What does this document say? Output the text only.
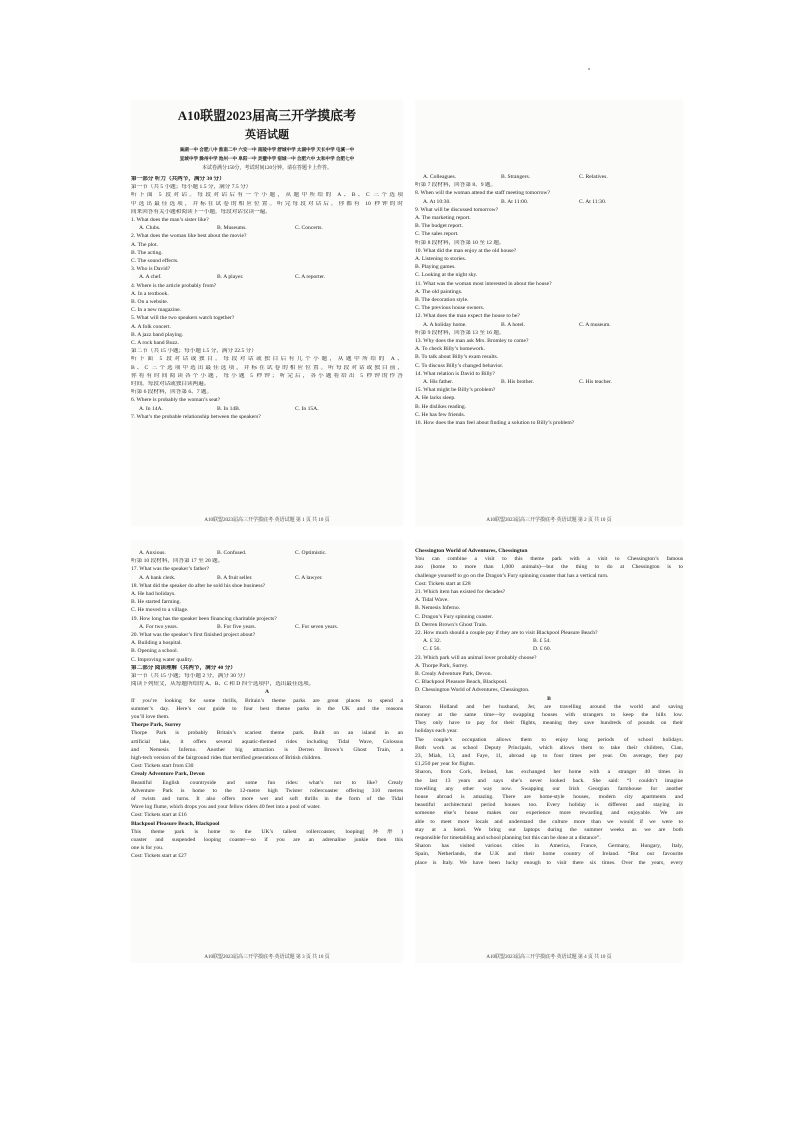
A10联盟2023届高三开学摸底考
英语试题
巢湖一中 合肥八中 淮南二中 六安一中 南陵中学 舒城中学 太湖中学 天长中学 屯溪一中
宣城中学 滁州中学 池州一中 阜阳一中 灵璧中学 宿城一中 合肥六中 太和中学 合肥七中
本试卷满分150分，考试时间120分钟。请在答题卡上作答。
第一部分 听力（共两节，满分 30 分）
第一节（共 5 小题；每小题 1.5 分，满分 7.5 分）
听下面 5 段对话。每段对话后有一个小题，从题中所给的 A、B、C 三个选项
中选出最佳选项，并标在试卷的相应位置。听完每段对话后，你都有 10 秒钟的时
间来回答有关小题和阅读下一小题。每段对话仅读一遍。
1. What does the man’s sister like?
A. Clubs.	B. Museums.	C. Concerts.
2. What does the woman like best about the movie?
A. The plot.
B. The acting.
C. The sound effects.
3. Who is David?
A. A chef.	B. A player.	C. A reporter.
4. Where is the article probably from?
A. In a textbook.
B. On a website.
C. In a new magazine.
5. What will the two speakers watch together?
A. A folk concert.
B. A jazz band playing.
C. A rock band Buzz.
第二节（共 15 小题；每小题 1.5 分，满分 22.5 分）
听下面 5 段对话或独白。每段对话或独白后有几个小题，从题中所给的 A、
B、C 三个选项中选出最佳选项，并标在试卷的相应位置。听每段对话或独白前，
你将有时间阅读各个小题，每小题 5 秒钟；听完后，各小题将给出 5 秒钟的作答
时间。每段对话或独白读两遍。
听第 6 段材料，回答第 6、7 题。
6. Where is probably the woman’s seat?
A. In 14A.	B. In 14B.	C. In 15A.
7. What’s the probable relationship between the speakers?
A10联盟2023届高三开学摸底考·英语试题 第 1 页 共 10 页
A. Colleagues.	B. Strangers.	C. Relatives.
听第 7 段材料，回答第 8、9 题。
8. When will the woman attend the staff meeting tomorrow?
A. At 10:30.	B. At 11:00.	C. At 11:30.
9. What will be discussed tomorrow?
A. The marketing report.
B. The budget report.
C. The sales report.
听第 8 段材料，回答第 10 至 12 题。
10. What did the man enjoy at the old house?
A. Listening to stories.
B. Playing games.
C. Looking at the night sky.
11. What was the woman most interested in about the house?
A. The old paintings.
B. The decoration style.
C. The previous house owners.
12. What does the man expect the house to be?
A. A holiday home.	B. A hotel.	C. A museum.
听第 9 段材料，回答第 13 至 16 题。
13. Why does the man ask Mrs. Bromley to come?
A. To check Billy’s homework.
B. To talk about Billy’s exam results.
C. To discuss Billy’s changed behavior.
14. What relation is David to Billy?
A. His father.	B. His brother.	C. His teacher.
15. What might be Billy’s problem?
A. He lacks sleep.
B. He dislikes reading.
C. He has few friends.
16. How does the man feel about finding a solution to Billy’s problem?
A10联盟2023届高三开学摸底考·英语试题 第 2 页 共 10 页
A. Anxious.	B. Confused.	C. Optimistic.
听第 10 段材料，回答第 17 至 20 题。
17. What was the speaker’s father?
A. A bank clerk.	B. A fruit seller.	C. A lawyer.
18. What did the speaker do after he sold his shoe business?
A. He had holidays.
B. He started farming.
C. He moved to a village.
19. How long has the speaker been financing charitable projects?
A. For two years.	B. For five years.	C. For seven years.
20. What was the speaker’s first finished project about?
A. Building a hospital.
B. Opening a school.
C. Improving water quality.
第二部分 阅读理解（共两节，满分 40 分）
第一节（共 15 小题；每小题 2 分，满分 30 分）
阅读下列短文，从每题所给的 A、B、C 和 D 四个选项中，选出最佳选项。
A
If you’re looking for some thrills, Britain’s theme parks are great places to spend a
summer’s day. Here’s our guide to four best theme parks in the UK and the reasons
you’ll love them.
Thorpe Park, Surrey
Thorpe Park is probably Britain’s scariest theme park. Built on an island in an
artificial lake, it offers several aquatic-themed rides including Tidal Wave, Colossus
and Nemesis Inferno. Another big attraction is Derren Brown’s Ghost Train, a
high-tech version of the fairground rides that terrified generations of British children.
Cost: Tickets start from £30
Crealy Adventure Park, Devon
Beautiful English countryside and some fun rides: what’s not to like? Crealy
Adventure Park is home to the 12-metre high Twister rollercoaster offering 310 metres
of twists and turns. It also offers more wet and soft thrills in the form of the Tidal
Wave log flume, which drops you and your fellow riders 40 feet into a pool of water.
Cost: Tickets start at £16
Blackpool Pleasure Beach, Blackpool
This theme park is home to the UK’s tallest rollercoaster, looping(环形)
coaster and suspended looping coaster—so if you are an adrenaline junkie then this
one is for you.
Cost: Tickets start at £27
A10联盟2023届高三开学摸底考·英语试题 第 3 页 共 10 页
Chessington World of Adventures, Chessington
You can combine a visit to this theme park with a visit to Chessington’s famous
zoo (home to more than 1,000 animals)—but the thing to do at Chessington is to
challenge yourself to go on the Dragon’s Fury spinning coaster that has a vertical turn.
Cost: Tickets start at £28
21. Which item has existed for decades?
A. Tidal Wave.
B. Nemesis Inferno.
C. Dragon’s Fury spinning coaster.
D. Derren Brown’s Ghost Train.
22. How much should a couple pay if they are to visit Blackpool Pleasure Beach?
A. £ 32.	B. £ 54.
C. £ 56.	D. £ 60.
23. Which park will an animal lover probably choose?
A. Thorpe Park, Surrey.
B. Crealy Adventure Park, Devon.
C. Blackpool Pleasure Beach, Blackpool.
D. Chessington World of Adventures, Chessington.
B
Sharon Holland and her husband, Jer, are travelling around the world and saving
money at the same time—by swapping houses with strangers to keep the bills low.
They only have to pay for their flights, meaning they save hundreds of pounds on their
holidays each year.
The couple’s occupation allows them to enjoy long periods of school holidays.
Both work as school Deputy Principals, which allows them to take their children, Cian,
23, Miah, 13, and Faye, 11, abroad up to four times per year. On average, they pay
£1,250 per year for flights.
Sharon, from Cork, Ireland, has exchanged her home with a stranger 40 times in
the last 13 years and says she’s never looked back. She said: “I couldn’t imagine
travelling any other way now. Swapping our Irish Georgian farmhouse for another
house abroad is amazing. There are home-style houses, modern city apartments and
beautiful architectural period houses too. Every holiday is different and staying in
someone else’s house makes our experience more rewarding and enjoyable. We are
able to meet more locals and understand the culture more than we would if we were to
stay at a hotel. We bring our laptops during the summer weeks as we are both
responsible for timetabling and school planning but this can be done at a distance”.
Sharon has visited various cities in America, France, Germany, Hungary, Italy,
Spain, Netherlands, the U.K and their home country of Ireland. “But our favourite
place is Italy. We have been lucky enough to visit there six times. Over the years, every
A10联盟2023届高三开学摸底考·英语试题 第 4 页 共 10 页
